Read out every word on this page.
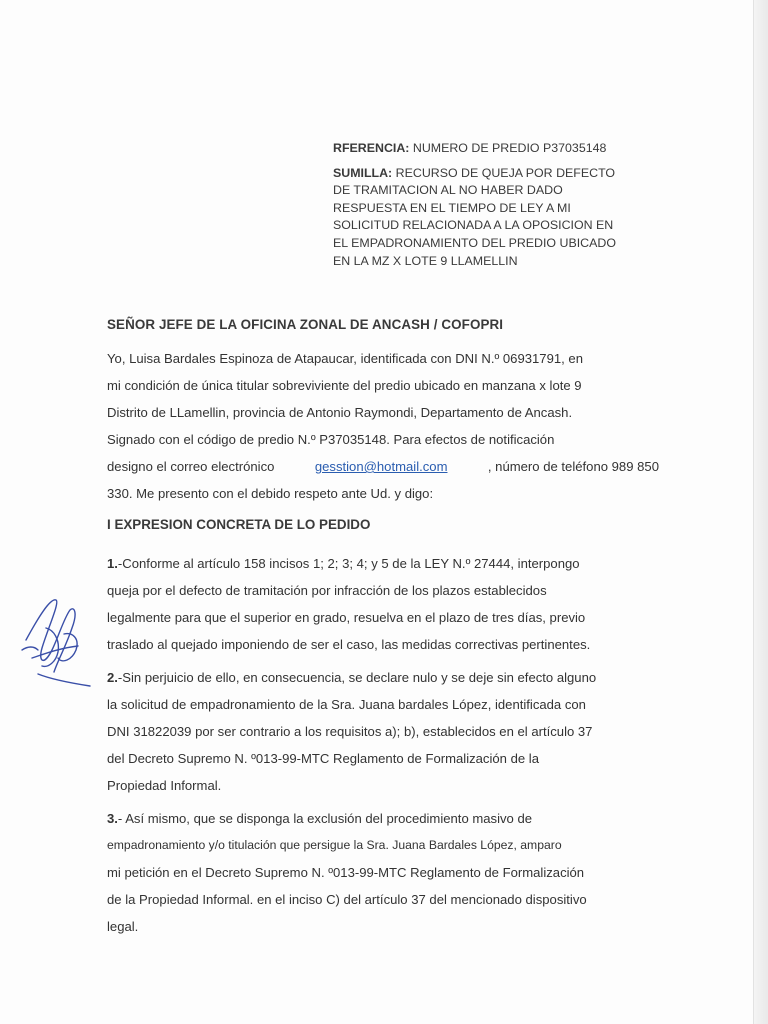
RFERENCIA: NUMERO DE PREDIO P37035148
SUMILLA: RECURSO DE QUEJA POR DEFECTO
DE TRAMITACION AL NO HABER DADO
RESPUESTA EN EL TIEMPO DE LEY A MI
SOLICITUD RELACIONADA A LA OPOSICION EN
EL EMPADRONAMIENTO DEL PREDIO UBICADO
EN LA MZ X LOTE 9 LLAMELLIN
SEÑOR JEFE DE LA OFICINA ZONAL DE ANCASH / COFOPRI
Yo, Luisa Bardales Espinoza de Atapaucar, identificada con DNI N.º 06931791, en
mi condición de única titular sobreviviente del predio ubicado en manzana x lote 9
Distrito de LLamellin, provincia de Antonio Raymondi, Departamento de Ancash.
Signado con el código de predio N.º P37035148. Para efectos de notificación
designo el correo electrónico	gesstion@hotmail.com	, número de teléfono 989 850
330. Me presento con el debido respeto ante Ud. y digo:
I EXPRESION CONCRETA DE LO PEDIDO
1.-Conforme al artículo 158 incisos 1; 2; 3; 4; y 5 de la LEY N.º 27444, interpongo
queja por el defecto de tramitación por infracción de los plazos establecidos
legalmente para que el superior en grado, resuelva en el plazo de tres días, previo
traslado al quejado imponiendo de ser el caso, las medidas correctivas pertinentes.
2.-Sin perjuicio de ello, en consecuencia, se declare nulo y se deje sin efecto alguno
la solicitud de empadronamiento de la Sra. Juana bardales López, identificada con
DNI 31822039 por ser contrario a los requisitos a); b), establecidos en el artículo 37
del Decreto Supremo N. º013-99-MTC Reglamento de Formalización de la
Propiedad Informal.
3.- Así mismo, que se disponga la exclusión del procedimiento masivo de
empadronamiento y/o titulación que persigue la Sra. Juana Bardales López, amparo
mi petición en el Decreto Supremo N. º013-99-MTC Reglamento de Formalización
de la Propiedad Informal. en el inciso C) del artículo 37 del mencionado dispositivo
legal.
